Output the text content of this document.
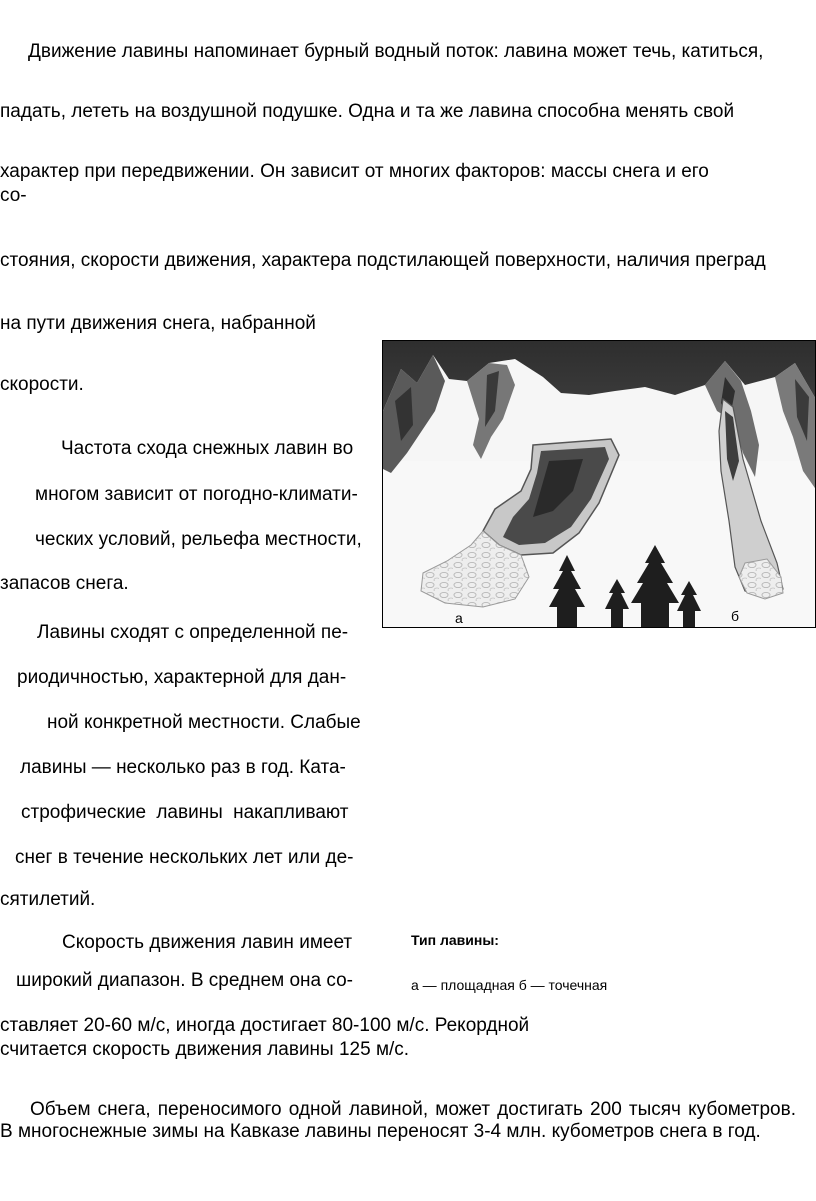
Движение лавины напоминает бурный водный поток: лавина может течь, катиться,
падать, лететь на воздушной подушке. Одна и та же лавина способна менять свой
характер при передвижении. Он зависит от многих факторов: массы снега и его
со-
стояния, скорости движения, характера подстилающей поверхности, наличия преград
на пути движения снега, набранной
скорости.
Частота схода снежных лавин во
многом зависит от погодно-климати-
ческих условий, рельефа местности,
запасов снега.
Лавины сходят с определенной пе-
риодичностью, характерной для дан-
ной конкретной местности. Слабые
лавины — несколько раз в год. Ката-
строфические лавины накапливают
снег в течение нескольких лет или де-
сятилетий.
Скорость движения лавин имеет
широкий диапазон. В среднем она со-
ставляет 20-60 м/с, иногда достигает 80-100 м/с. Рекордной
считается скорость движения лавины 125 м/с.
Объем снега, переносимого одной лавиной, может достигать 200 тысяч кубометров. В многоснежные зимы на Кавказе лавины переносят 3-4 млн. кубометров снега в год.
а	б
Тип лавины:
а — площадная б — точечная
